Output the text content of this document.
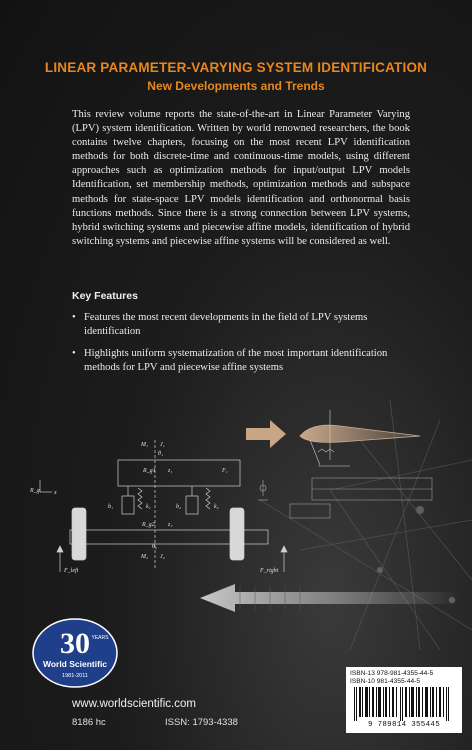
LINEAR PARAMETER-VARYING SYSTEM IDENTIFICATION
New Developments and Trends

This review volume reports the state-of-the-art in Linear Parameter Varying (LPV) system identification. Written by world renowned researchers, the book contains twelve chapters, focusing on the most recent LPV identification methods for both discrete-time and continuous-time models, using different approaches such as optimization methods for input/output LPV models Identification, set membership methods, optimization methods and subspace methods for state-space LPV models identification and orthonormal basis functions methods. Since there is a strong connection between LPV systems, hybrid switching systems and piecewise affine models, identification of hybrid switching systems and piecewise affine systems will be considered as well.

Key Features
• Features the most recent developments in the field of LPV systems identification
• Highlights uniform systematization of the most important identification methods for LPV and piecewise affine systems
M₁ J₁
θ₁
R_g1 z₁	F₁
R_g x
b₁	k₁	b₂	k₂
R_g2 z₂
θ₂
M₂ J₂
F_left	F_right
30 YEARS
World Scientific
1981-2011
www.worldscientific.com
8186 hc	ISSN: 1793-4338
ISBN-13 978-981-4355-44-5
ISBN-10 981-4355-44-5
9 789814 355445
